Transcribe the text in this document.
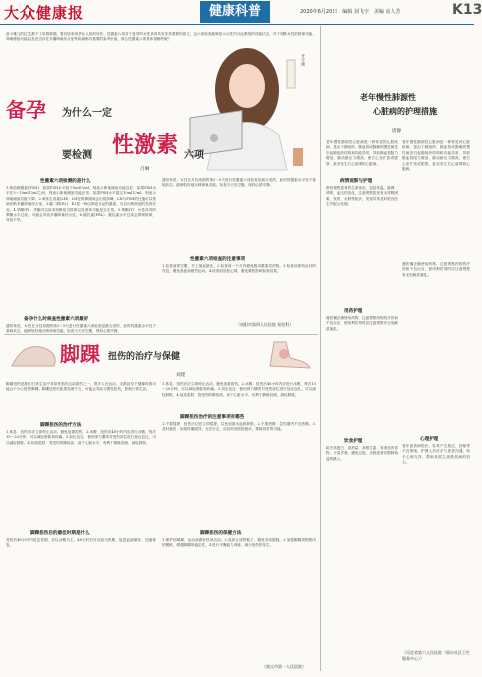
大众健康报	健康科普	2020年6月20日　编辑 刘飞宇　美编 房人芳	K13
备卡雅儿的拉生都不了用推陈期，暂有原来到孕让人担的所作。性激素六项对于备孕的女性来说具有非常重要的意义，这六项检查能够显示女性内分泌系统的功能状态，对于判断女性的排卵功能、卵巢储备功能以及是否存在多囊卵巢综合征等疾病都有重要的参考价值，那么性激素六项具体指哪些呢？
开卡康
备孕 为什么一定
要检测 性激素 六项
吕琳
性激素六项检测的是什么
1.卵泡刺激素(FSH)：如果FSH水平低于5mIU/ml，则表示卵巢储备功能良好；如果FSH水平在5～10mIU/ml之间，则表示卵巢储备功能正常；如果FSH水平超过10mIU/ml，则表示卵巢储备功能下降。2.黄体生成素(LH)：LH在排卵期间会出现高峰，LH与FSH的比值可以帮助诊断多囊卵巢综合征。3.雌二醇(E2)：E2是一种由卵泡分泌的激素，可以反映卵泡的发育状况。4.孕酮(P)：孕酮可以用来判断是否排卵以及黄体功能是否正常。5.睾酮(T)：女性体内的睾酮水平过高，可能会导致多囊卵巢综合征。6.催乳素(PRL)：催乳素水平过高会抑制排卵，导致不孕。
备孕什么时候查性激素六项最好
通常来说，女性在月经周期的第2～5天进行性激素六项检查是最合适的，此时的激素水平处于基础状态，能够较好地反映卵巢功能。检查当天应空腹，保持心情平静。
通常来说，女性在月经周期的第2～5天进行性激素六项检查是最合适的，此时的激素水平处于基础状态，能够较好地反映卵巢功能。检查当天应空腹，保持心情平静。
性激素六项检查的注意事项
1.检查前需空腹，早上抽血最佳。2.检查前一个月内避免服用激素类药物。3.检查前保持良好的作息，避免熬夜和剧烈运动。4.检查前放松心情，避免紧张影响检查结果。
（南阳市第四人民医院 检验科）
脚踝 扭伤的治疗与保健
刘建
脚踝扭伤是我们日常生活中非常常见的运动损伤之一，很多人在运动、走路甚至下楼梯时都可能会不小心扭伤脚踝。脚踝扭伤后如果处理不当，可能会导致习惯性扭伤，影响日常生活。
脚踝扭伤的治疗方法
1.休息：扭伤后应立即停止活动，避免加重损伤。2.冰敷：扭伤后48小时内应进行冰敷，每次15～20分钟，可以减轻肿胀和疼痛。3.加压包扎：使用弹力绷带对受伤部位进行加压包扎，可以减轻肿胀。4.抬高患肢：将受伤的脚抬高，高于心脏水平，有利于静脉回流，减轻肿胀。
脚踝扭伤后的最佳时期是什么
受伤后48小时内是急性期，应以冰敷为主；48小时后可以改为热敷，促进血液循环，加速恢复。
1.休息：扭伤后应立即停止活动，避免加重损伤。2.冰敷：扭伤后48小时内应进行冰敷，每次15～20分钟，可以减轻肿胀和疼痛。3.加压包扎：使用弹力绷带对受伤部位进行加压包扎，可以减轻肿胀。4.抬高患肢：将受伤的脚抬高，高于心脏水平，有利于静脉回流，减轻肿胀。
脚踝扭伤治疗的注意事项有哪些
1.不要揉搓：扭伤后切忌立即揉搓，以免加重出血和肿胀。2.不要热敷：急性期内不宜热敷。3.及时就医：如果疼痛剧烈、无法行走，应及时到医院就诊，排除骨折的可能。
脚踝扭伤的保健方法
1.保护好脚踝，运动前做好热身活动。2.选择合适的鞋子，避免穿高跟鞋。3.加强脚踝周围肌肉的锻炼，增强脚踝的稳定性。4.进行平衡能力训练，减少扭伤的发生。
（商丘市第一人民医院）
老年慢性肺源性
心脏病的护理措施
唐静
老年慢性肺源性心脏病是一种常见的心脏疾病，是由于肺组织、肺血管或胸廓的慢性病变引起肺组织结构和功能异常，导致肺血管阻力增加，肺动脉压力增高，使右心室扩张或肥厚，甚至发生右心衰竭的心脏病。
病情观察与护理
密切观察患者的生命体征，包括体温、脉搏、呼吸、血压的变化，注意观察患者有无呼吸困难、发绀、水肿等症状，发现异常及时报告医生并配合处理。
用药护理
遵医嘱正确使用药物，注意观察药物的疗效和不良反应，使用利尿剂时应注意观察有无电解质紊乱。
饮食护理
给予高蛋白、高热量、高维生素、易消化的食物，少量多餐，避免过饱，水肿患者应限制钠盐的摄入。
老年慢性肺源性心脏病是一种常见的心脏疾病，是由于肺组织、肺血管或胸廓的慢性病变引起肺组织结构和功能异常，导致肺血管阻力增加，肺动脉压力增高，使右心室扩张或肥厚，甚至发生右心衰竭的心脏病。
遵医嘱正确使用药物，注意观察药物的疗效和不良反应，使用利尿剂时应注意观察有无电解质紊乱。
心理护理
老年患者病程长，容易产生焦虑、抑郁等不良情绪，护理人员应多与患者沟通，给予心理支持，帮助其树立战胜疾病的信心。
（河北省第六人民医院〈邢台社区卫生服务中心〉）
